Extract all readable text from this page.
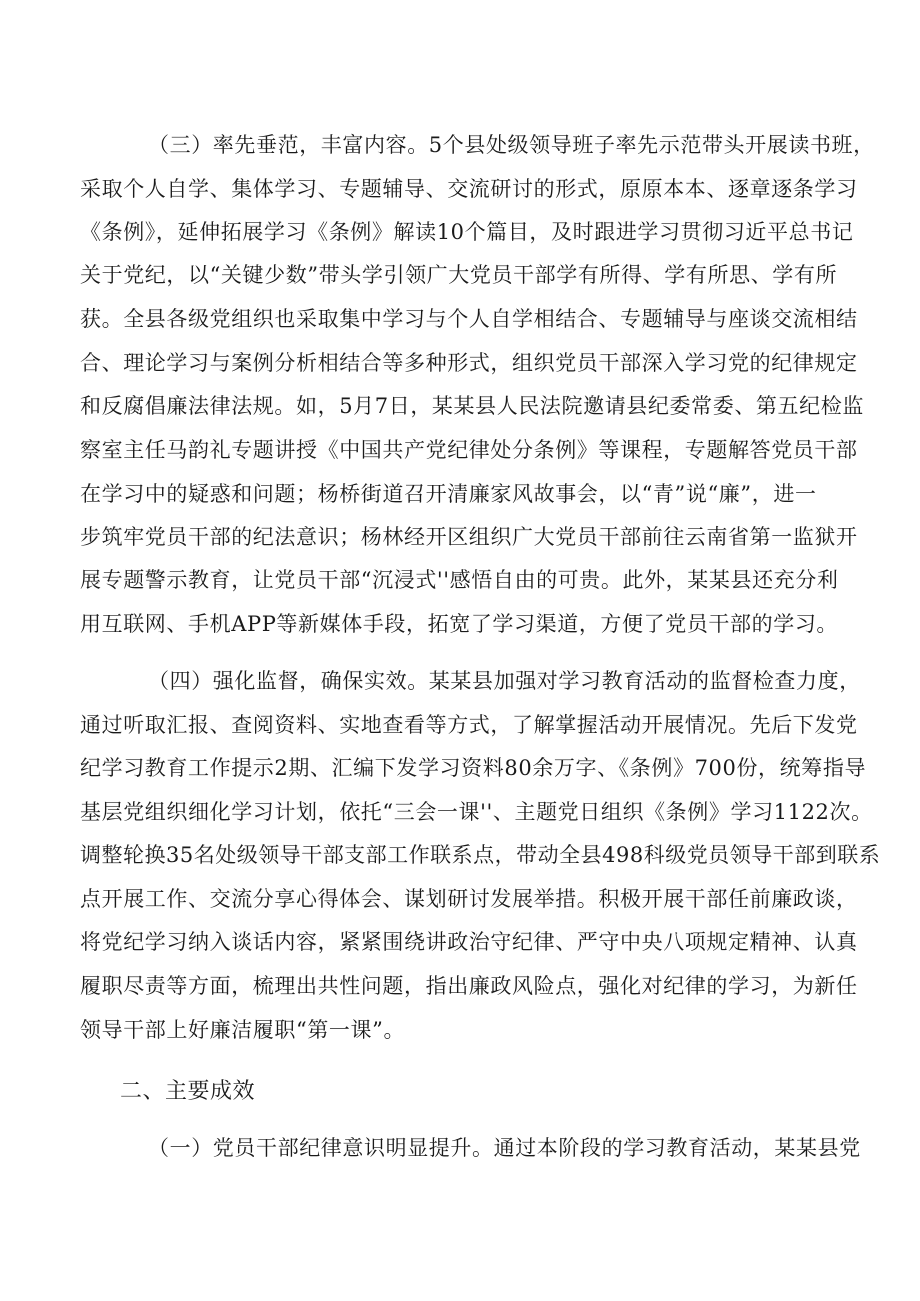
（三）率先垂范，丰富内容。5个县处级领导班子率先示范带头开展读书班，
采取个人自学、集体学习、专题辅导、交流研讨的形式，原原本本、逐章逐条学习
《条例》，延伸拓展学习《条例》解读10个篇目，及时跟进学习贯彻习近平总书记
关于党纪，以“关键少数”带头学引领广大党员干部学有所得、学有所思、学有所
获。全县各级党组织也采取集中学习与个人自学相结合、专题辅导与座谈交流相结
合、理论学习与案例分析相结合等多种形式，组织党员干部深入学习党的纪律规定
和反腐倡廉法律法规。如，5月7日，某某县人民法院邀请县纪委常委、第五纪检监
察室主任马韵礼专题讲授《中国共产党纪律处分条例》等课程，专题解答党员干部
在学习中的疑惑和问题；杨桥街道召开清廉家风故事会，以“青”说“廉”，进一
步筑牢党员干部的纪法意识；杨林经开区组织广大党员干部前往云南省第一监狱开
展专题警示教育，让党员干部“沉浸式''感悟自由的可贵。此外，某某县还充分利
用互联网、手机APP等新媒体手段，拓宽了学习渠道，方便了党员干部的学习。
（四）强化监督，确保实效。某某县加强对学习教育活动的监督检查力度，
通过听取汇报、查阅资料、实地查看等方式，了解掌握活动开展情况。先后下发党
纪学习教育工作提示2期、汇编下发学习资料80余万字、《条例》700份，统筹指导
基层党组织细化学习计划，依托“三会一课''、主题党日组织《条例》学习1122次。
调整轮换35名处级领导干部支部工作联系点，带动全县498科级党员领导干部到联系
点开展工作、交流分享心得体会、谋划研讨发展举措。积极开展干部任前廉政谈，
将党纪学习纳入谈话内容，紧紧围绕讲政治守纪律、严守中央八项规定精神、认真
履职尽责等方面，梳理出共性问题，指出廉政风险点，强化对纪律的学习，为新任
领导干部上好廉洁履职“第一课”。
二、主要成效
（一）党员干部纪律意识明显提升。通过本阶段的学习教育活动，某某县党
